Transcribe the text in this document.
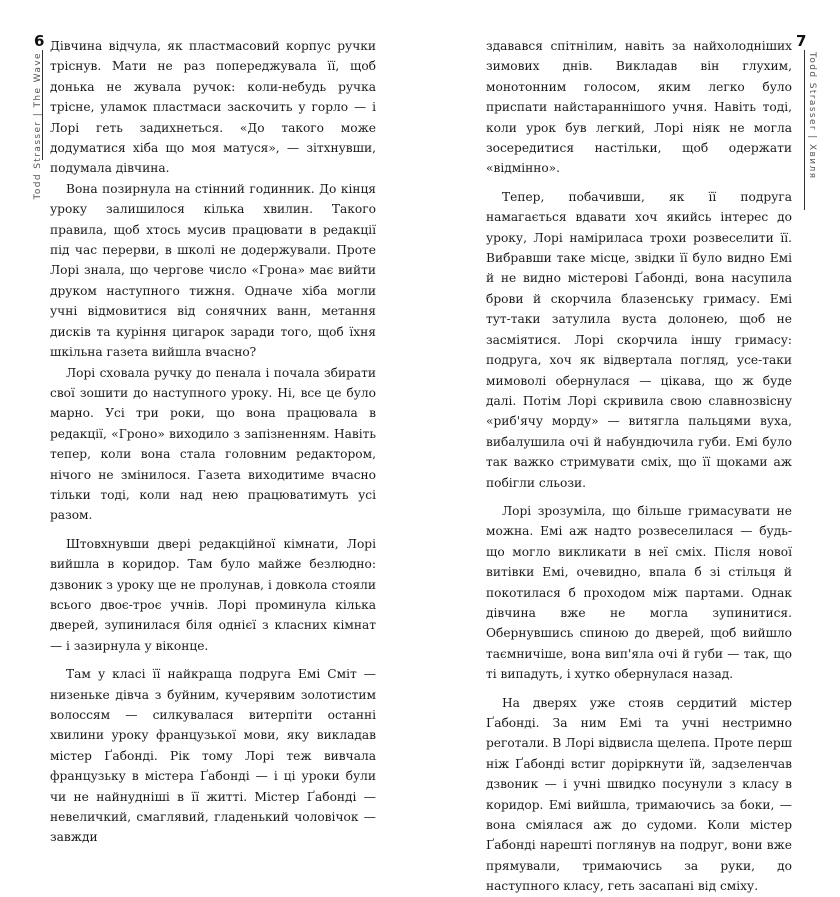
6
Todd Strasser | The Wave

Дівчина відчула, як пластмасовий корпус ручки тріснув. Мати не раз попереджувала її, щоб донька не жувала ручок: коли-небудь ручка трісне, уламок пластмаси заскочить у горло — і Лорі геть задихнеться. «До такого може додуматися хіба що моя матуся», — зітхнувши, подумала дівчина.

Вона позирнула на стінний годинник. До кінця уроку залишилося кілька хвилин. Такого правила, щоб хтось мусив працювати в редакції під час перерви, в школі не додержували. Проте Лорі знала, що чергове число «Грона» має вийти друком наступного тижня. Одначе хіба могли учні відмовитися від сонячних ванн, метання дисків та куріння цигарок заради того, щоб їхня шкільна газета вийшла вчасно?

Лорі сховала ручку до пенала і почала збирати свої зошити до наступного уроку. Ні, все це було марно. Усі три роки, що вона працювала в редакції, «Гроно» виходило з запізненням. Навіть тепер, коли вона стала головним редактором, нічого не змінилося. Газета виходитиме вчасно тільки тоді, коли над нею працюватимуть усі разом.

Штовхнувши двері редакційної кімнати, Лорі вийшла в коридор. Там було майже безлюдно: дзвоник з уроку ще не пролунав, і довкола стояли всього двоє-троє учнів. Лорі проминула кілька дверей, зупинилася біля однієї з класних кімнат — і зазирнула у віконце.

Там у класі її найкраща подруга Емі Сміт — низеньке дівча з буйним, кучерявим золотистим волоссям — силкувалася витерпіти останні хвилини уроку французької мови, яку викладав містер Ґабонді. Рік тому Лорі теж вивчала французьку в містера Ґабонді — і ці уроки були чи не найнудніші в її житті. Містер Ґабонді — невеличкий, смаглявий, гладенький чоловічок — завжди

7
Todd Strasser | Хвиля

здавався спітнілим, навіть за найхолодніших зимових днів. Викладав він глухим, монотонним голосом, яким легко було приспати найстараннішого учня. Навіть тоді, коли урок був легкий, Лорі ніяк не могла зосередитися настільки, щоб одержати «відмінно».

Тепер, побачивши, як її подруга намагається вдавати хоч якийсь інтерес до уроку, Лорі наміриласа трохи розвеселити її. Вибравши таке місце, звідки її було видно Емі й не видно містерові Ґабонді, вона насупила брови й скорчила блазенську гримасу. Емі тут-таки затулила вуста долонею, щоб не засміятися. Лорі скорчила іншу гримасу: подруга, хоч як відвертала погляд, усе-таки мимоволі обернулася — цікава, що ж буде далі. Потім Лорі скривила свою славнозвісну «риб'ячу морду» — витягла пальцями вуха, вибалушила очі й набундючила губи. Емі було так важко стримувати сміх, що її щоками аж побігли сльози.

Лорі зрозуміла, що більше гримасувати не можна. Емі аж надто розвеселилася — будь-що могло викликати в неї сміх. Після нової витівки Емі, очевидно, впала б зі стільця й покотилася б проходом між партами. Однак дівчина вже не могла зупинитися. Обернувшись спиною до дверей, щоб вийшло таємничіше, вона вип'яла очі й губи — так, що ті випадуть, і хутко обернулася назад.

На дверях уже стояв сердитий містер Ґабонді. За ним Емі та учні нестримно реготали. В Лорі відвисла щелепа. Проте перш ніж Ґабонді встиг доріркнути їй, задзеленчав дзвоник — і учні швидко посунули з класу в коридор. Емі вийшла, тримаючись за боки, — вона сміялася аж до судоми. Коли містер Ґабонді нарешті поглянув на подруг, вони вже прямували, тримаючись за руки, до наступного класу, геть засапані від сміху.
